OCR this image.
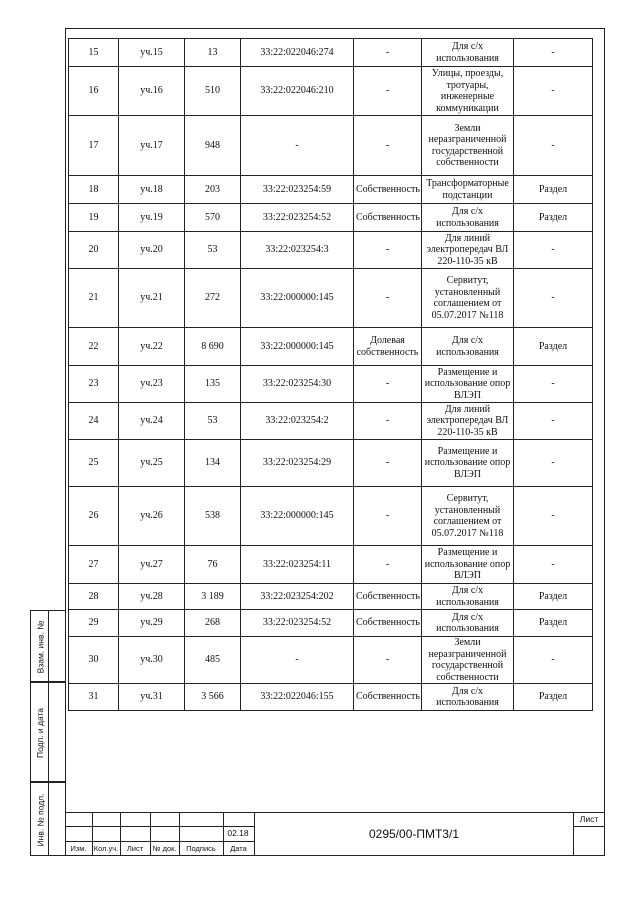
15	уч.15	13	33:22:022046:274	-	Для с/х использования	-
16	уч.16	510	33:22:022046:210	-	Улицы, проезды, тротуары, инженерные коммуникации	-
17	уч.17	948	-	-	Земли неразграниченной государственной собственности	-
18	уч.18	203	33:22:023254:59	Собственность	Трансформаторные подстанции	Раздел
19	уч.19	570	33:22:023254:52	Собственность	Для с/х использования	Раздел
20	уч.20	53	33:22:023254:3	-	Для линий электропередач ВЛ 220-110-35 кВ	-
21	уч.21	272	33:22:000000:145	-	Сервитут, установленный соглашением от 05.07.2017 №118	-
22	уч.22	8 690	33:22:000000:145	Долевая собственность	Для с/х использования	Раздел
23	уч.23	135	33:22:023254:30	-	Размещение и использование опор ВЛЭП	-
24	уч.24	53	33:22:023254:2	-	Для линий электропередач ВЛ 220-110-35 кВ	-
25	уч.25	134	33:22:023254:29	-	Размещение и использование опор ВЛЭП	-
26	уч.26	538	33:22:000000:145	-	Сервитут, установленный соглашением от 05.07.2017 №118	-
27	уч.27	76	33:22:023254:11	-	Размещение и использование опор ВЛЭП	-
28	уч.28	3 189	33:22:023254:202	Собственность	Для с/х использования	Раздел
29	уч.29	268	33:22:023254:52	Собственность	Для с/х использования	Раздел
30	уч.30	485	-	-	Земли неразграниченной государственной собственности	-
31	уч.31	3 566	33:22:022046:155	Собственность	Для с/х использования	Раздел
Взам. инв. №
Подп. и дата
Инв. № подл.	02.18
Изм. Кол.уч.	Лист	№ док.	Подпись	Дата
0295/00-ПМТ3/1
Лист
